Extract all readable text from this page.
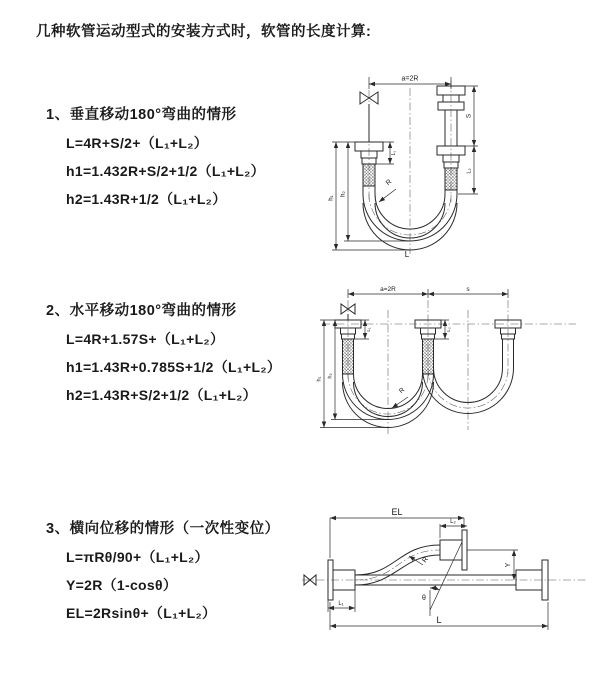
几种软管运动型式的安装方式时，软管的长度计算:
1、垂直移动180°弯曲的情形
L=4R+S/2+（L₁+L₂）
h1=1.432R+S/2+1/2（L₁+L₂）
h2=1.43R+1/2（L₁+L₂）
2、水平移动180°弯曲的情形
L=4R+1.57S+（L₁+L₂）
h1=1.43R+0.785S+1/2（L₁+L₂）
h2=1.43R+S/2+1/2（L₁+L₂）
3、横向位移的情形（一次性变位）
L=πRθ/90+（L₁+L₂）
Y=2R（1-cosθ）
EL=2Rsinθ+（L₁+L₂）
a=2R
h₁
h₂
L₁
S
L₂
R
L
a=2R	s
h₁
h₂
L₁	L₂
R
EL
L₂
Y
L
L₁
R
θ
